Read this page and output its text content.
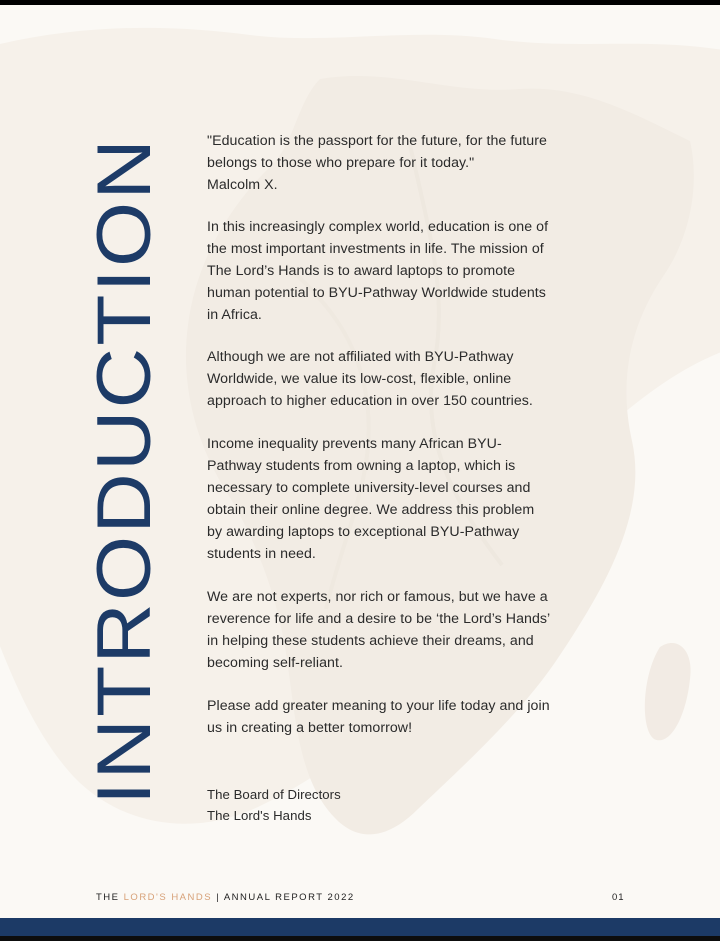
INTRODUCTION
"Education is the passport for the future, for the future
belongs to those who prepare for it today."
Malcolm X.
In this increasingly complex world, education is one of
the most important investments in life. The mission of
The Lord’s Hands is to award laptops to promote
human potential to BYU-Pathway Worldwide students
in Africa.
Although we are not affiliated with BYU-Pathway
Worldwide, we value its low-cost, flexible, online
approach to higher education in over 150 countries.
Income inequality prevents many African BYU-
Pathway students from owning a laptop, which is
necessary to complete university-level courses and
obtain their online degree. We address this problem
by awarding laptops to exceptional BYU-Pathway
students in need.
We are not experts, nor rich or famous, but we have a
reverence for life and a desire to be ‘the Lord’s Hands’
in helping these students achieve their dreams, and
becoming self-reliant.
Please add greater meaning to your life today and join
us in creating a better tomorrow!
The Board of Directors
The Lord's Hands
THE LORD'S HANDS | ANNUAL REPORT 2022	01
